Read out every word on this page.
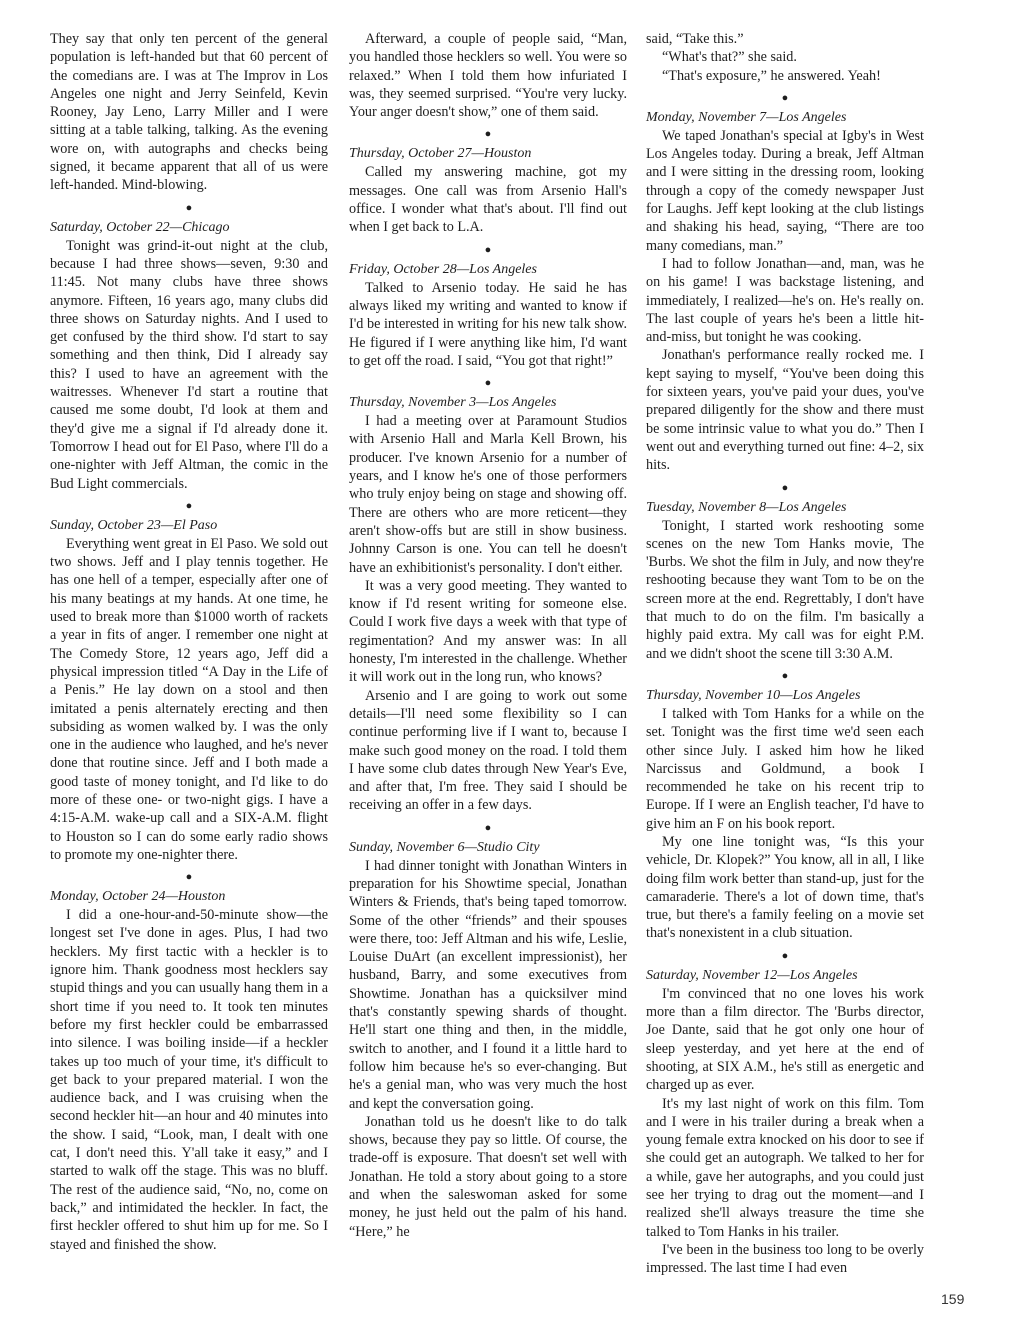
They say that only ten percent of the general population is left-handed but that 60 percent of the comedians are. I was at The Improv in Los Angeles one night and Jerry Seinfeld, Kevin Rooney, Jay Leno, Larry Miller and I were sitting at a table talking, talking. As the evening wore on, with autographs and checks being signed, it became apparent that all of us were left-handed. Mind-blowing.

●
Saturday, October 22—Chicago

Tonight was grind-it-out night at the club, because I had three shows—seven, 9:30 and 11:45. Not many clubs have three shows anymore. Fifteen, 16 years ago, many clubs did three shows on Saturday nights. And I used to get confused by the third show. I'd start to say something and then think, Did I already say this? I used to have an agreement with the waitresses. Whenever I'd start a routine that caused me some doubt, I'd look at them and they'd give me a signal if I'd already done it. Tomorrow I head out for El Paso, where I'll do a one-nighter with Jeff Altman, the comic in the Bud Light commercials.

●
Sunday, October 23—El Paso

Everything went great in El Paso. We sold out two shows. Jeff and I play tennis together. He has one hell of a temper, especially after one of his many beatings at my hands. At one time, he used to break more than $1000 worth of rackets a year in fits of anger. I remember one night at The Comedy Store, 12 years ago, Jeff did a physical impression titled “A Day in the Life of a Penis.” He lay down on a stool and then imitated a penis alternately erecting and then subsiding as women walked by. I was the only one in the audience who laughed, and he's never done that routine since. Jeff and I both made a good taste of money tonight, and I'd like to do more of these one- or two-night gigs. I have a 4:15-A.M. wake-up call and a SIX-A.M. flight to Houston so I can do some early radio shows to promote my one-nighter there.

●
Monday, October 24—Houston

I did a one-hour-and-50-minute show—the longest set I've done in ages. Plus, I had two hecklers. My first tactic with a heckler is to ignore him. Thank goodness most hecklers say stupid things and you can usually hang them in a short time if you need to. It took ten minutes before my first heckler could be embarrassed into silence. I was boiling inside—if a heckler takes up too much of your time, it's difficult to get back to your prepared material. I won the audience back, and I was cruising when the second heckler hit—an hour and 40 minutes into the show. I said, “Look, man, I dealt with one cat, I don't need this. Y'all take it easy,” and I started to walk off the stage. This was no bluff. The rest of the audience said, “No, no, come on back,” and intimidated the heckler. In fact, the first heckler offered to shut him up for me. So I stayed and finished the show.

Afterward, a couple of people said, “Man, you handled those hecklers so well. You were so relaxed.” When I told them how infuriated I was, they seemed surprised. “You're very lucky. Your anger doesn't show,” one of them said.

●
Thursday, October 27—Houston

Called my answering machine, got my messages. One call was from Arsenio Hall's office. I wonder what that's about. I'll find out when I get back to L.A.

●
Friday, October 28—Los Angeles

Talked to Arsenio today. He said he has always liked my writing and wanted to know if I'd be interested in writing for his new talk show. He figured if I were anything like him, I'd want to get off the road. I said, “You got that right!”

●
Thursday, November 3—Los Angeles

I had a meeting over at Paramount Studios with Arsenio Hall and Marla Kell Brown, his producer. I've known Arsenio for a number of years, and I know he's one of those performers who truly enjoy being on stage and showing off. There are others who are more reticent—they aren't show-offs but are still in show business. Johnny Carson is one. You can tell he doesn't have an exhibitionist's personality. I don't either.

It was a very good meeting. They wanted to know if I'd resent writing for someone else. Could I work five days a week with that type of regimentation? And my answer was: In all honesty, I'm interested in the challenge. Whether it will work out in the long run, who knows?

Arsenio and I are going to work out some details—I'll need some flexibility so I can continue performing live if I want to, because I make such good money on the road. I told them I have some club dates through New Year's Eve, and after that, I'm free. They said I should be receiving an offer in a few days.

●
Sunday, November 6—Studio City

I had dinner tonight with Jonathan Winters in preparation for his Showtime special, Jonathan Winters & Friends, that's being taped tomorrow. Some of the other “friends” and their spouses were there, too: Jeff Altman and his wife, Leslie, Louise DuArt (an excellent impressionist), her husband, Barry, and some executives from Showtime. Jonathan has a quicksilver mind that's constantly spewing shards of thought. He'll start one thing and then, in the middle, switch to another, and I found it a little hard to follow him because he's so ever-changing. But he's a genial man, who was very much the host and kept the conversation going.

Jonathan told us he doesn't like to do talk shows, because they pay so little. Of course, the trade-off is exposure. That doesn't set well with Jonathan. He told a story about going to a store and when the saleswoman asked for some money, he just held out the palm of his hand. “Here,” he

said, “Take this.”

“What's that?” she said.

“That's exposure,” he answered. Yeah!

●
Monday, November 7—Los Angeles

We taped Jonathan's special at Igby's in West Los Angeles today. During a break, Jeff Altman and I were sitting in the dressing room, looking through a copy of the comedy newspaper Just for Laughs. Jeff kept looking at the club listings and shaking his head, saying, “There are too many comedians, man.”

I had to follow Jonathan—and, man, was he on his game! I was backstage listening, and immediately, I realized—he's on. He's really on. The last couple of years he's been a little hit-and-miss, but tonight he was cooking.

Jonathan's performance really rocked me. I kept saying to myself, “You've been doing this for sixteen years, you've paid your dues, you've prepared diligently for the show and there must be some intrinsic value to what you do.” Then I went out and everything turned out fine: 4–2, six hits.

●
Tuesday, November 8—Los Angeles

Tonight, I started work reshooting some scenes on the new Tom Hanks movie, The 'Burbs. We shot the film in July, and now they're reshooting because they want Tom to be on the screen more at the end. Regrettably, I don't have that much to do on the film. I'm basically a highly paid extra. My call was for eight P.M. and we didn't shoot the scene till 3:30 A.M.

●
Thursday, November 10—Los Angeles

I talked with Tom Hanks for a while on the set. Tonight was the first time we'd seen each other since July. I asked him how he liked Narcissus and Goldmund, a book I recommended he take on his recent trip to Europe. If I were an English teacher, I'd have to give him an F on his book report.

My one line tonight was, “Is this your vehicle, Dr. Klopek?” You know, all in all, I like doing film work better than stand-up, just for the camaraderie. There's a lot of down time, that's true, but there's a family feeling on a movie set that's nonexistent in a club situation.

●
Saturday, November 12—Los Angeles

I'm convinced that no one loves his work more than a film director. The 'Burbs director, Joe Dante, said that he got only one hour of sleep yesterday, and yet here at the end of shooting, at SIX A.M., he's still as energetic and charged up as ever.

It's my last night of work on this film. Tom and I were in his trailer during a break when a young female extra knocked on his door to see if she could get an autograph. We talked to her for a while, gave her autographs, and you could just see her trying to drag out the moment—and I realized she'll always treasure the time she talked to Tom Hanks in his trailer.

I've been in the business too long to be overly impressed. The last time I had even

159
